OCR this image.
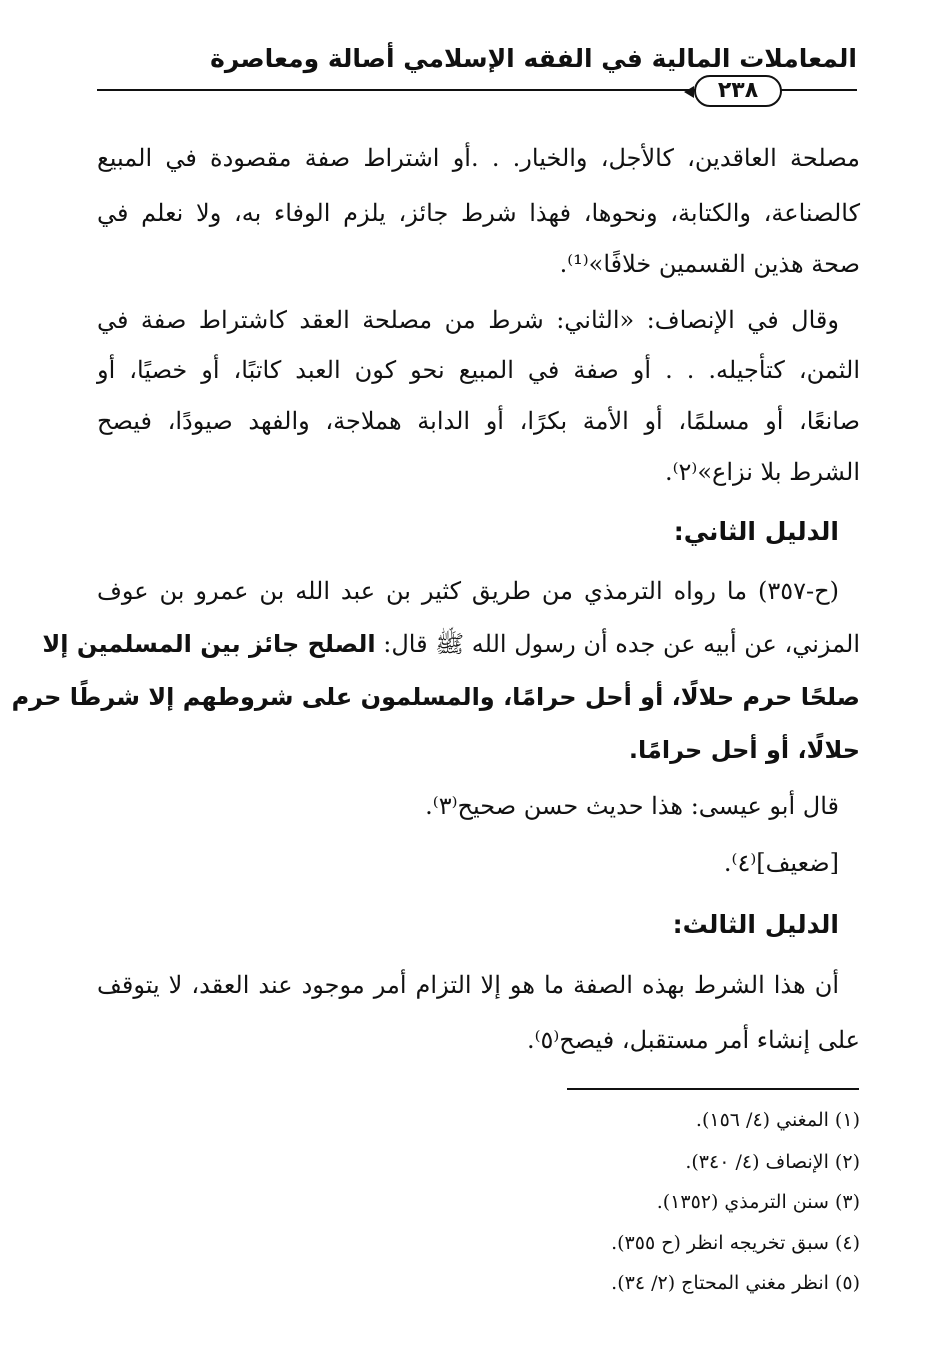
المعاملات المالية في الفقه الإسلامي أصالة ومعاصرة
٢٣٨
مصلحة العاقدين، كالأجل، والخيار. . .أو اشتراط صفة مقصودة في المبيع
كالصناعة، والكتابة، ونحوها، فهذا شرط جائز، يلزم الوفاء به، ولا نعلم في
صحة هذين القسمين خلافًا»⁽¹⁾.
وقال في الإنصاف: «الثاني: شرط من مصلحة العقد كاشتراط صفة في
الثمن، كتأجيله. . . أو صفة في المبيع نحو كون العبد كاتبًا، أو خصيًا، أو
صانعًا، أو مسلمًا، أو الأمة بكرًا، أو الدابة هملاجة، والفهد صيودًا، فيصح
الشرط بلا نزاع»⁽٢⁾.
الدليل الثاني:
(ح-٣٥٧) ما رواه الترمذي من طريق كثير بن عبد الله بن عمرو بن عوف
المزني، عن أبيه عن جده أن رسول الله ﷺ قال: الصلح جائز بين المسلمين إلا
صلحًا حرم حلالًا، أو أحل حرامًا، والمسلمون على شروطهم إلا شرطًا حرم
حلالًا، أو أحل حرامًا.
قال أبو عيسى: هذا حديث حسن صحيح⁽٣⁾.
[ضعيف]⁽٤⁾.
الدليل الثالث:
أن هذا الشرط بهذه الصفة ما هو إلا التزام أمر موجود عند العقد، لا يتوقف
على إنشاء أمر مستقبل، فيصح⁽٥⁾.
(١) المغني (٤/ ١٥٦).
(٢) الإنصاف (٤/ ٣٤٠).
(٣) سنن الترمذي (١٣٥٢).
(٤) سبق تخريجه انظر (ح ٣٥٥).
(٥) انظر مغني المحتاج (٢/ ٣٤).
